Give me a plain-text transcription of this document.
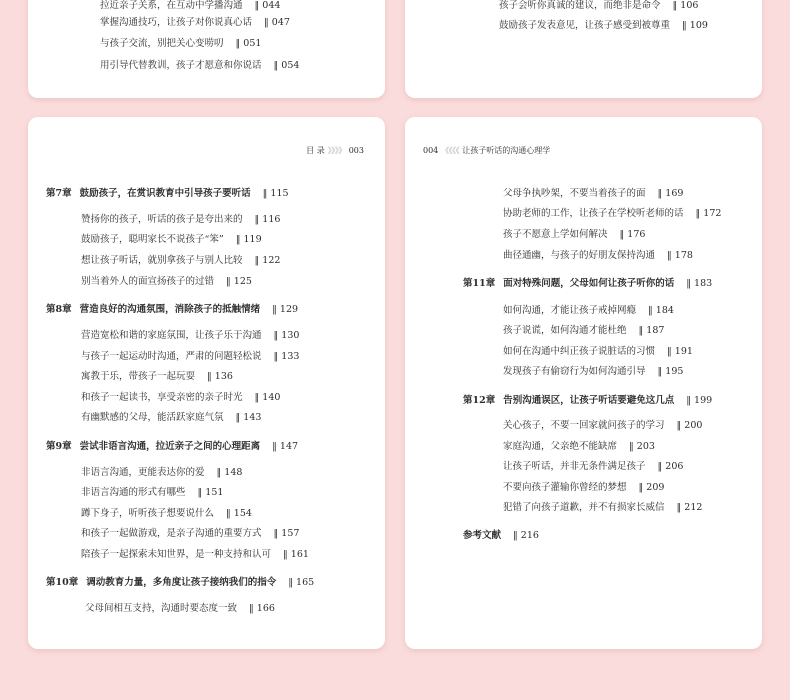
拉近亲子关系，在互动中学播沟通 ‖ 044
掌握沟通技巧，让孩子对你说真心话 ‖ 047
与孩子交流，别把关心变唠叨 ‖ 051
用引导代替教训，孩子才愿意和你说话 ‖ 054
孩子会听你真诚的建议，而绝非是命令 ‖ 106
鼓励孩子发表意见，让孩子感受到被尊重 ‖ 109
目 录 》》》》 003
第7章 鼓励孩子，在赏识教育中引导孩子要听话 ‖ 115
赞扬你的孩子，听话的孩子是夸出来的 ‖ 116
鼓励孩子，聪明家长不说孩子“笨” ‖ 119
想让孩子听话，就别拿孩子与别人比较 ‖ 122
别当着外人的面宣扬孩子的过错 ‖ 125
第8章 营造良好的沟通氛围，消除孩子的抵触情绪 ‖ 129
营造宽松和谐的家庭氛围，让孩子乐于沟通 ‖ 130
与孩子一起运动时沟通，严肃的问题轻松说 ‖ 133
寓教于乐，带孩子一起玩耍 ‖ 136
和孩子一起读书，享受亲密的亲子时光 ‖ 140
有幽默感的父母，能活跃家庭气氛 ‖ 143
第9章 尝试非语言沟通，拉近亲子之间的心理距离 ‖ 147
非语言沟通，更能表达你的爱 ‖ 148
非语言沟通的形式有哪些 ‖ 151
蹲下身子，听听孩子想要说什么 ‖ 154
和孩子一起做游戏，是亲子沟通的重要方式 ‖ 157
陪孩子一起探索未知世界，是一种支持和认可 ‖ 161
第10章 调动教育力量，多角度让孩子接纳我们的指令 ‖ 165
父母间相互支持，沟通时要态度一致 ‖ 166
004 《《《《 让孩子听话的沟通心理学
父母争执吵架，不要当着孩子的面 ‖ 169
协助老师的工作，让孩子在学校听老师的话 ‖ 172
孩子不愿意上学如何解决 ‖ 176
曲径通幽，与孩子的好朋友保持沟通 ‖ 178
第11章 面对特殊问题，父母如何让孩子听你的话 ‖ 183
如何沟通，才能让孩子戒掉网瘾 ‖ 184
孩子说谎，如何沟通才能杜绝 ‖ 187
如何在沟通中纠正孩子说脏话的习惯 ‖ 191
发现孩子有偷窃行为如何沟通引导 ‖ 195
第12章 告别沟通误区，让孩子听话要避免这几点 ‖ 199
关心孩子，不要一回家就问孩子的学习 ‖ 200
家庭沟通，父亲绝不能缺席 ‖ 203
让孩子听话，并非无条件满足孩子 ‖ 206
不要向孩子灌输你曾经的梦想 ‖ 209
犯错了向孩子道歉，并不有损家长威信 ‖ 212
参考文献 ‖ 216
